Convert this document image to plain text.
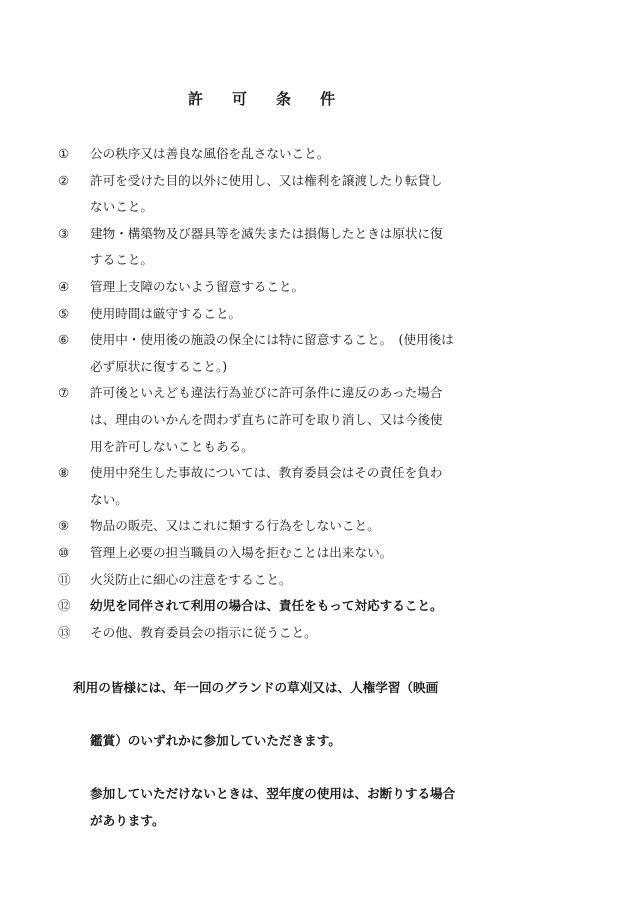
許	可	条	件
①	公の秩序又は善良な風俗を乱さないこと。
②	許可を受けた目的以外に使用し、又は権利を譲渡したり転貸し
ないこと。
③	建物・構築物及び器具等を滅失または損傷したときは原状に復
すること。
④	管理上支障のないよう留意すること。
⑤	使用時間は厳守すること。
⑥	使用中・使用後の施設の保全には特に留意すること。　(使用後は
必ず原状に復すること。)
⑦	許可後といえども違法行為並びに許可条件に違反のあった場合
は、理由のいかんを問わず直ちに許可を取り消し、又は今後使
用を許可しないこともある。
⑧	使用中発生した事故については、教育委員会はその責任を負わ
ない。
⑨	物品の販売、又はこれに類する行為をしないこと。
⑩	管理上必要の担当職員の入場を拒むことは出来ない。
⑪	火災防止に細心の注意をすること。
⑫	幼児を同伴されて利用の場合は、責任をもって対応すること。
⑬	その他、教育委員会の指示に従うこと。

利用の皆様には、年一回のグランドの草刈又は、人権学習（映画

鑑賞）のいずれかに参加していただきます。

参加していただけないときは、翌年度の使用は、お断りする場合
があります。
